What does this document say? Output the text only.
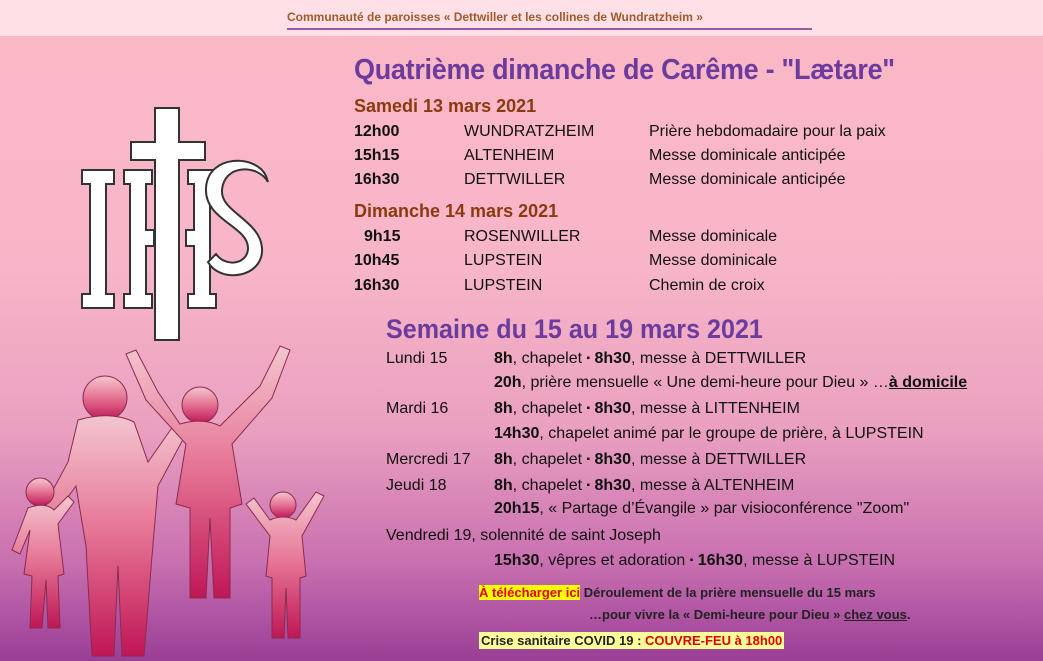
Communauté de paroisses « Dettwiller et les collines de Wundratzheim »
Quatrième dimanche de Carême - "Lætare"
Samedi 13 mars 2021
12h00	WUNDRATZHEIM	Prière hebdomadaire pour la paix
15h15	ALTENHEIM	Messe dominicale anticipée
16h30	DETTWILLER	Messe dominicale anticipée
Dimanche 14 mars 2021
9h15	ROSENWILLER	Messe dominicale
10h45	LUPSTEIN	Messe dominicale
16h30	LUPSTEIN	Chemin de croix
Semaine du 15 au 19 mars 2021
Lundi 15	8h, chapelet ▪ 8h30, messe à DETTWILLER
20h, prière mensuelle « Une demi-heure pour Dieu » …à domicile
Mardi 16	8h, chapelet ▪ 8h30, messe à LITTENHEIM
14h30, chapelet animé par le groupe de prière, à LUPSTEIN
Mercredi 17 8h, chapelet ▪ 8h30, messe à DETTWILLER
Jeudi 18	8h, chapelet ▪ 8h30, messe à ALTENHEIM
20h15, « Partage d’Évangile » par visioconférence "Zoom"
Vendredi 19, solennité de saint Joseph
15h30, vêpres et adoration ▪ 16h30, messe à LUPSTEIN
À télécharger ici Déroulement de la prière mensuelle du 15 mars
…pour vivre la « Demi-heure pour Dieu » chez vous.
Crise sanitaire COVID 19 : COUVRE-FEU à 18h00
